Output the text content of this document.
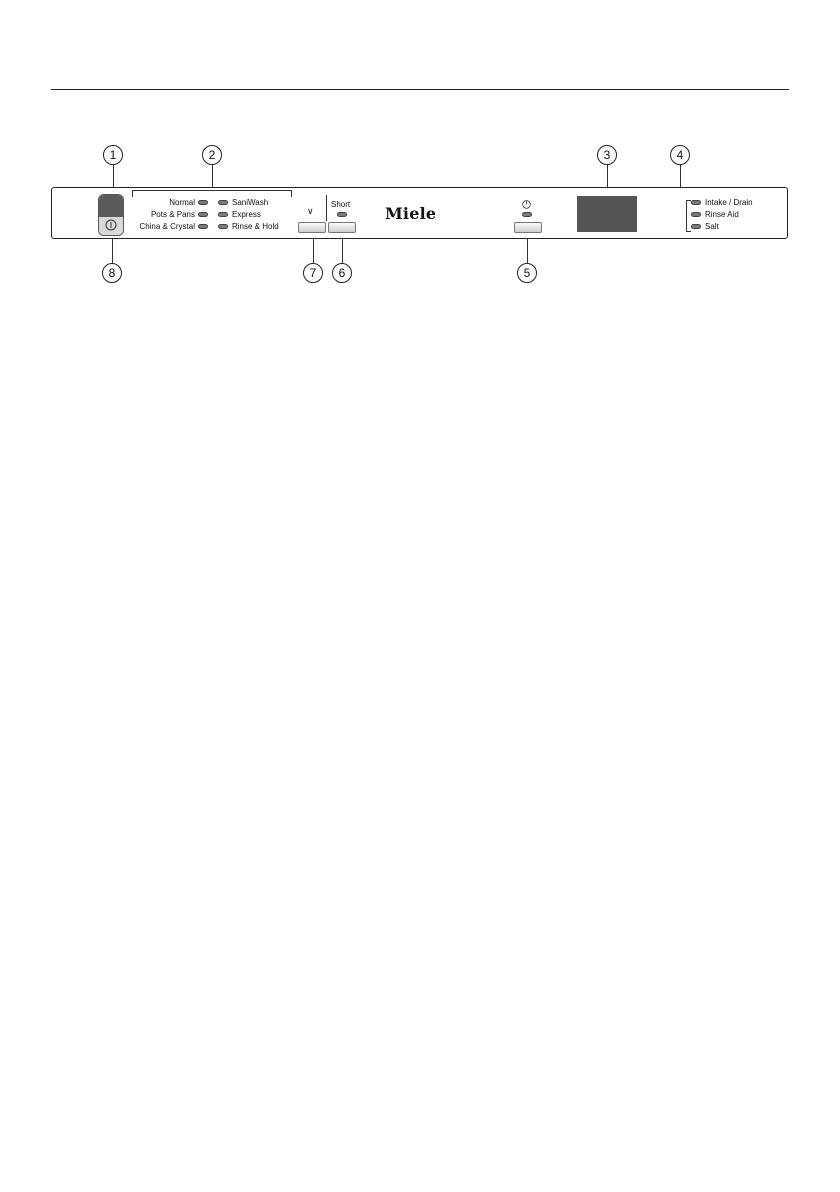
1	2	3	4
8	7	6	5
Normal
Pots & Pans
China & Crystal
SaniWash
Express
Rinse & Hold
∨
Short Miele
Intake / Drain
Rinse Aid
Salt
